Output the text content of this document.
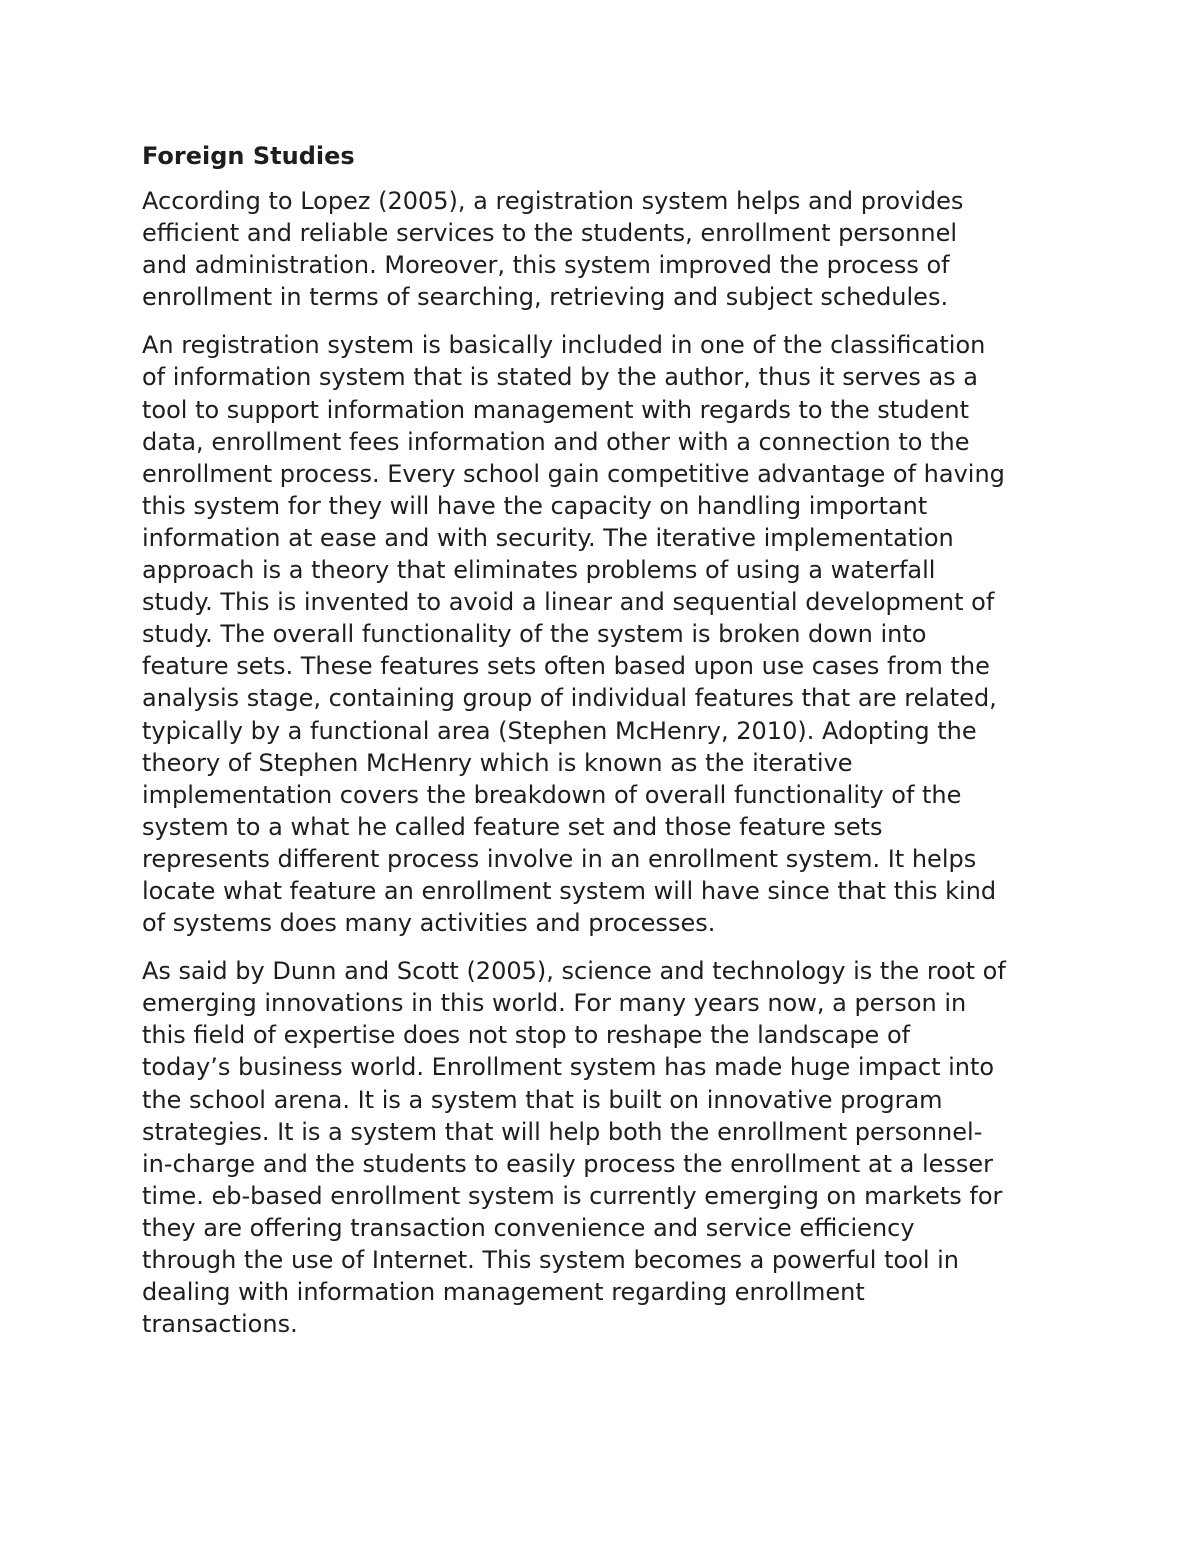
Foreign Studies
According to Lopez (2005), a registration system helps and provides
efficient and reliable services to the students, enrollment personnel
and administration. Moreover, this system improved the process of
enrollment in terms of searching, retrieving and subject schedules.
An registration system is basically included in one of the classification
of information system that is stated by the author, thus it serves as a
tool to support information management with regards to the student
data, enrollment fees information and other with a connection to the
enrollment process. Every school gain competitive advantage of having
this system for they will have the capacity on handling important
information at ease and with security. The iterative implementation
approach is a theory that eliminates problems of using a waterfall
study. This is invented to avoid a linear and sequential development of
study. The overall functionality of the system is broken down into
feature sets. These features sets often based upon use cases from the
analysis stage, containing group of individual features that are related,
typically by a functional area (Stephen McHenry, 2010). Adopting the
theory of Stephen McHenry which is known as the iterative
implementation covers the breakdown of overall functionality of the
system to a what he called feature set and those feature sets
represents different process involve in an enrollment system. It helps
locate what feature an enrollment system will have since that this kind
of systems does many activities and processes.
As said by Dunn and Scott (2005), science and technology is the root of
emerging innovations in this world. For many years now, a person in
this field of expertise does not stop to reshape the landscape of
today’s business world. Enrollment system has made huge impact into
the school arena. It is a system that is built on innovative program
strategies. It is a system that will help both the enrollment personnel-
in-charge and the students to easily process the enrollment at a lesser
time. eb-based enrollment system is currently emerging on markets for
they are offering transaction convenience and service efficiency
through the use of Internet. This system becomes a powerful tool in
dealing with information management regarding enrollment
transactions.
